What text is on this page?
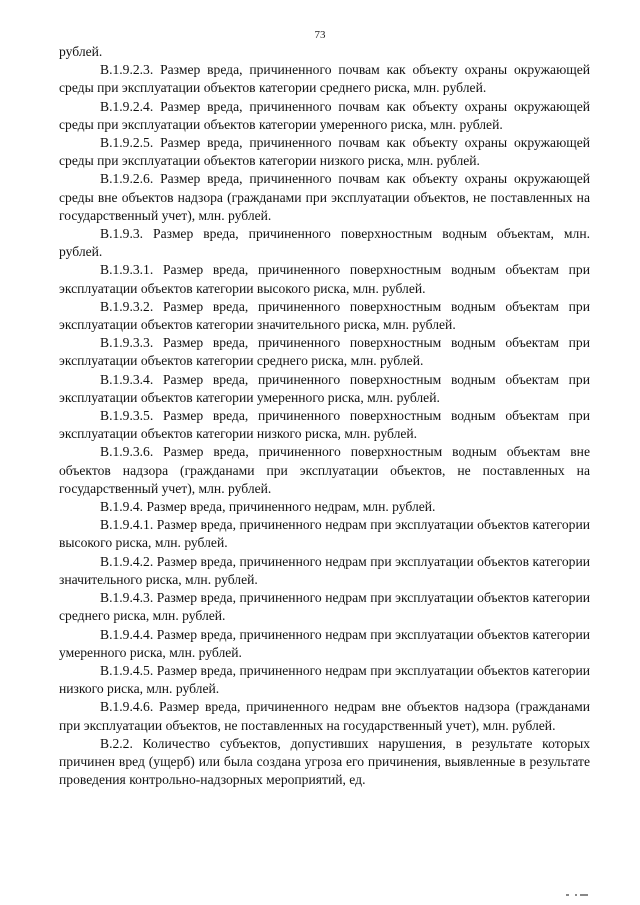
73

рублей.

В.1.9.2.3. Размер вреда, причиненного почвам как объекту охраны окружающей среды при эксплуатации объектов категории среднего риска, млн. рублей.

В.1.9.2.4. Размер вреда, причиненного почвам как объекту охраны окружающей среды при эксплуатации объектов категории умеренного риска, млн. рублей.

В.1.9.2.5. Размер вреда, причиненного почвам как объекту охраны окружающей среды при эксплуатации объектов категории низкого риска, млн. рублей.

В.1.9.2.6. Размер вреда, причиненного почвам как объекту охраны окружающей среды вне объектов надзора (гражданами при эксплуатации объектов, не поставленных на государственный учет), млн. рублей.

В.1.9.3. Размер вреда, причиненного поверхностным водным объектам, млн. рублей.

В.1.9.3.1. Размер вреда, причиненного поверхностным водным объектам при эксплуатации объектов категории высокого риска, млн. рублей.

В.1.9.3.2. Размер вреда, причиненного поверхностным водным объектам при эксплуатации объектов категории значительного риска, млн. рублей.

В.1.9.3.3. Размер вреда, причиненного поверхностным водным объектам при эксплуатации объектов категории среднего риска, млн. рублей.

В.1.9.3.4. Размер вреда, причиненного поверхностным водным объектам при эксплуатации объектов категории умеренного риска, млн. рублей.

В.1.9.3.5. Размер вреда, причиненного поверхностным водным объектам при эксплуатации объектов категории низкого риска, млн. рублей.

В.1.9.3.6. Размер вреда, причиненного поверхностным водным объектам вне объектов надзора (гражданами при эксплуатации объектов, не поставленных на государственный учет), млн. рублей.

В.1.9.4. Размер вреда, причиненного недрам, млн. рублей.

В.1.9.4.1. Размер вреда, причиненного недрам при эксплуатации объектов категории высокого риска, млн. рублей.

В.1.9.4.2. Размер вреда, причиненного недрам при эксплуатации объектов категории значительного риска, млн. рублей.

В.1.9.4.3. Размер вреда, причиненного недрам при эксплуатации объектов категории среднего риска, млн. рублей.

В.1.9.4.4. Размер вреда, причиненного недрам при эксплуатации объектов категории умеренного риска, млн. рублей.

В.1.9.4.5. Размер вреда, причиненного недрам при эксплуатации объектов категории низкого риска, млн. рублей.

В.1.9.4.6. Размер вреда, причиненного недрам вне объектов надзора (гражданами при эксплуатации объектов, не поставленных на государственный учет), млн. рублей.

В.2.2. Количество субъектов, допустивших нарушения, в результате которых причинен вред (ущерб) или была создана угроза его причинения, выявленные в результате проведения контрольно-надзорных мероприятий, ед.
